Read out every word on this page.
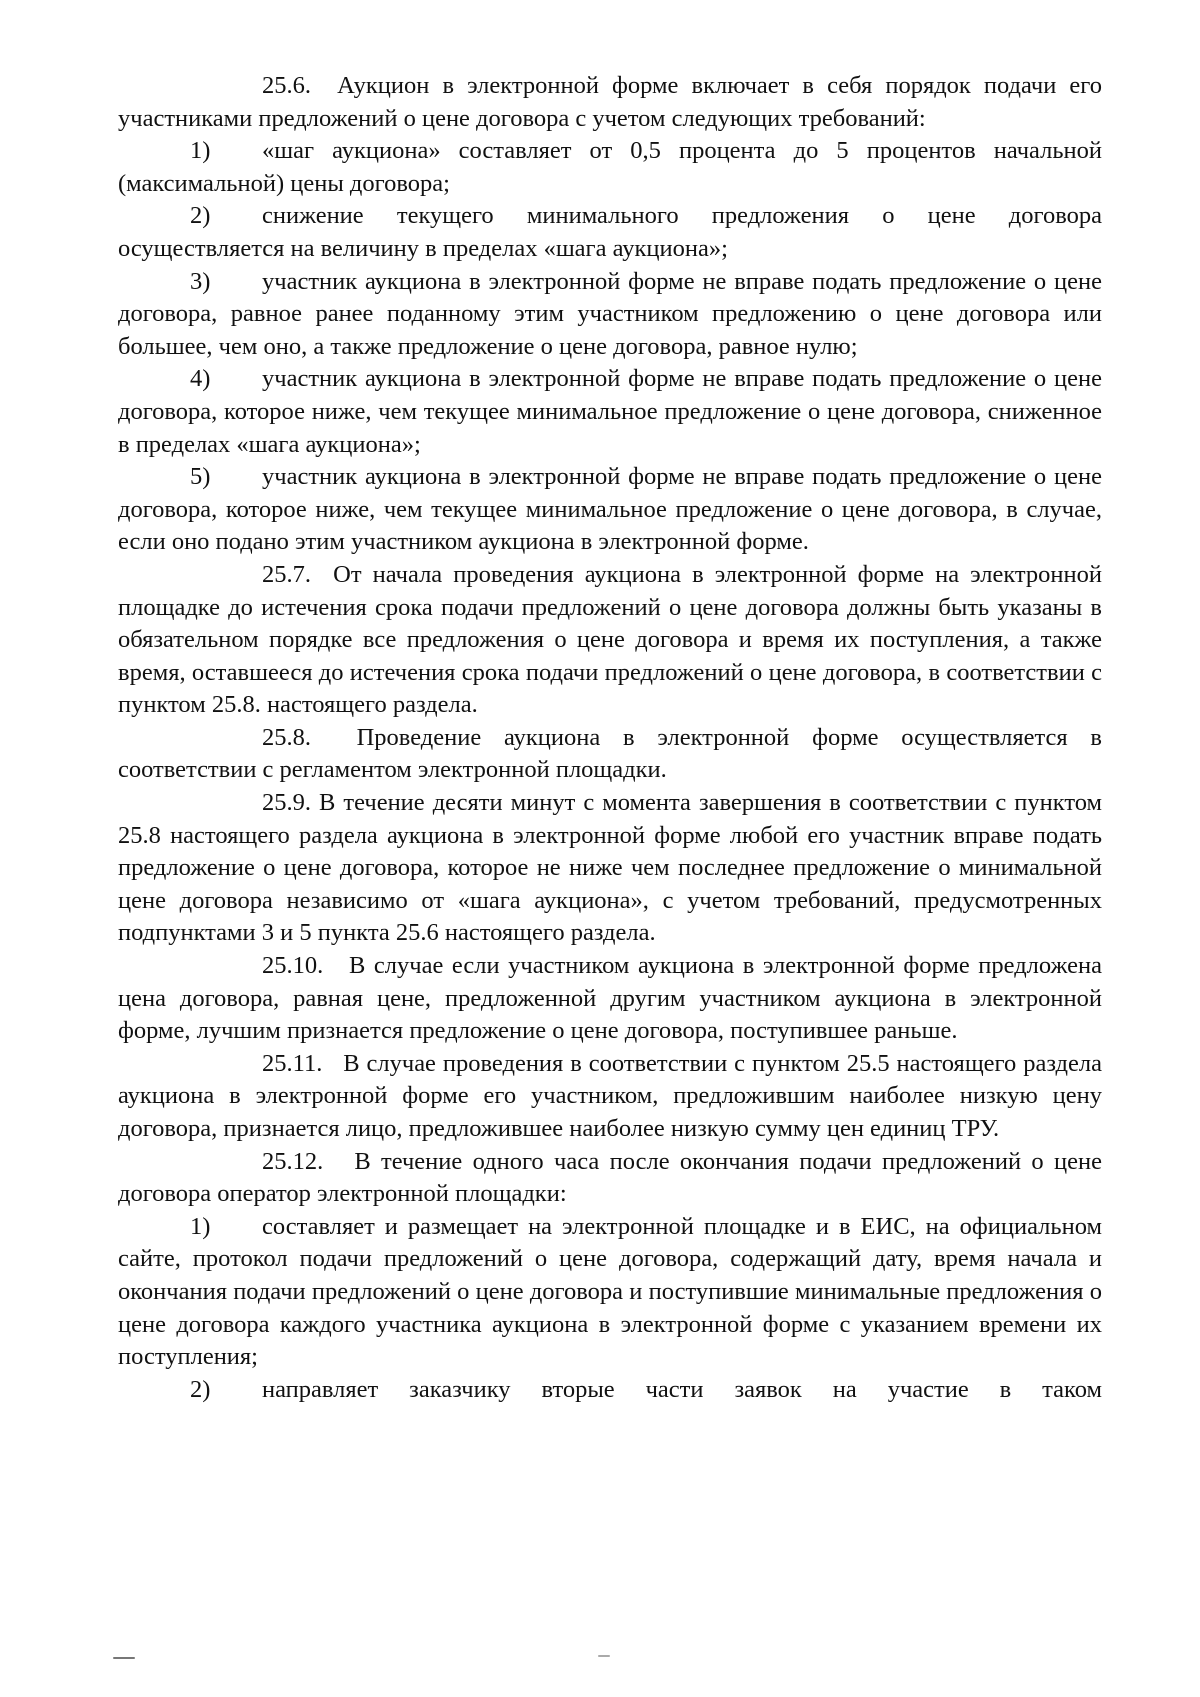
25.6. Аукцион в электронной форме включает в себя порядок подачи его участниками предложений о цене договора с учетом следующих требований:

1) «шаг аукциона» составляет от 0,5 процента до 5 процентов начальной (максимальной) цены договора;

2) снижение текущего минимального предложения о цене договора осуществляется на величину в пределах «шага аукциона»;

3) участник аукциона в электронной форме не вправе подать предложение о цене договора, равное ранее поданному этим участником предложению о цене договора или большее, чем оно, а также предложение о цене договора, равное нулю;

4) участник аукциона в электронной форме не вправе подать предложение о цене договора, которое ниже, чем текущее минимальное предложение о цене договора, сниженное в пределах «шага аукциона»;

5) участник аукциона в электронной форме не вправе подать предложение о цене договора, которое ниже, чем текущее минимальное предложение о цене договора, в случае, если оно подано этим участником аукциона в электронной форме.

25.7. От начала проведения аукциона в электронной форме на электронной площадке до истечения срока подачи предложений о цене договора должны быть указаны в обязательном порядке все предложения о цене договора и время их поступления, а также время, оставшееся до истечения срока подачи предложений о цене договора, в соответствии с пунктом 25.8. настоящего раздела.

25.8. Проведение аукциона в электронной форме осуществляется в соответствии с регламентом электронной площадки.

25.9. В течение десяти минут с момента завершения в соответствии с пунктом 25.8 настоящего раздела аукциона в электронной форме любой его участник вправе подать предложение о цене договора, которое не ниже чем последнее предложение о минимальной цене договора независимо от «шага аукциона», с учетом требований, предусмотренных подпунктами 3 и 5 пункта 25.6 настоящего раздела.

25.10. В случае если участником аукциона в электронной форме предложена цена договора, равная цене, предложенной другим участником аукциона в электронной форме, лучшим признается предложение о цене договора, поступившее раньше.

25.11. В случае проведения в соответствии с пунктом 25.5 настоящего раздела аукциона в электронной форме его участником, предложившим наиболее низкую цену договора, признается лицо, предложившее наиболее низкую сумму цен единиц ТРУ.

25.12. В течение одного часа после окончания подачи предложений о цене договора оператор электронной площадки:

1) составляет и размещает на электронной площадке и в ЕИС, на официальном сайте, протокол подачи предложений о цене договора, содержащий дату, время начала и окончания подачи предложений о цене договора и поступившие минимальные предложения о цене договора каждого участника аукциона в электронной форме с указанием времени их поступления;

2) направляет заказчику вторые части заявок на участие в таком
